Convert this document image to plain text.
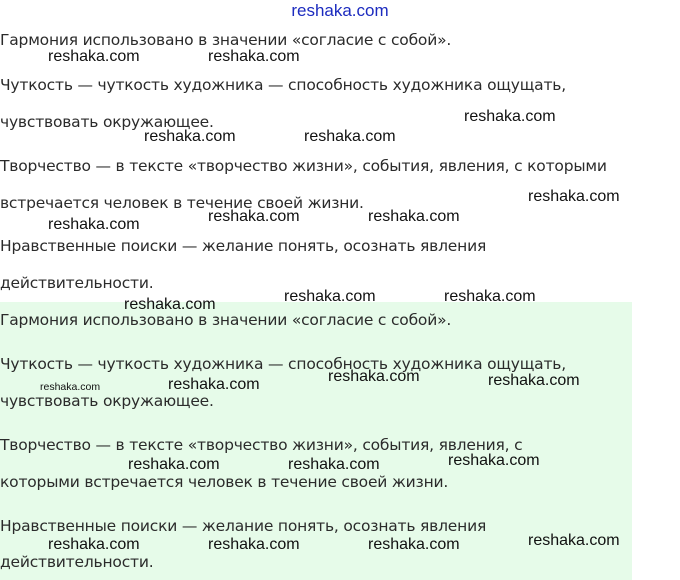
reshaka.com
Гармония использовано в значении «согласие с собой».
Чуткость — чуткость художника — способность художника ощущать,
чувствовать окружающее.
Творчество — в тексте «творчество жизни», события, явления, с которыми
встречается человек в течение своей жизни.
Нравственные поиски — желание понять, осознать явления
действительности.
Гармония использовано в значении «согласие с собой».
Чуткость — чуткость художника — способность художника ощущать,
чувствовать окружающее.
Творчество — в тексте «творчество жизни», события, явления, с
которыми встречается человек в течение своей жизни.
Нравственные поиски — желание понять, осознать явления
действительности.
reshaka.com	reshaka.com
reshaka.com
reshaka.com	reshaka.com
reshaka.com
reshaka.com	reshaka.com
reshaka.com
reshaka.com	reshaka.com
reshaka.com
reshaka.com
reshaka.com	reshaka.com
reshaka.com
reshaka.com
reshaka.com	reshaka.com
reshaka.com
reshaka.com	reshaka.com	reshaka.com
